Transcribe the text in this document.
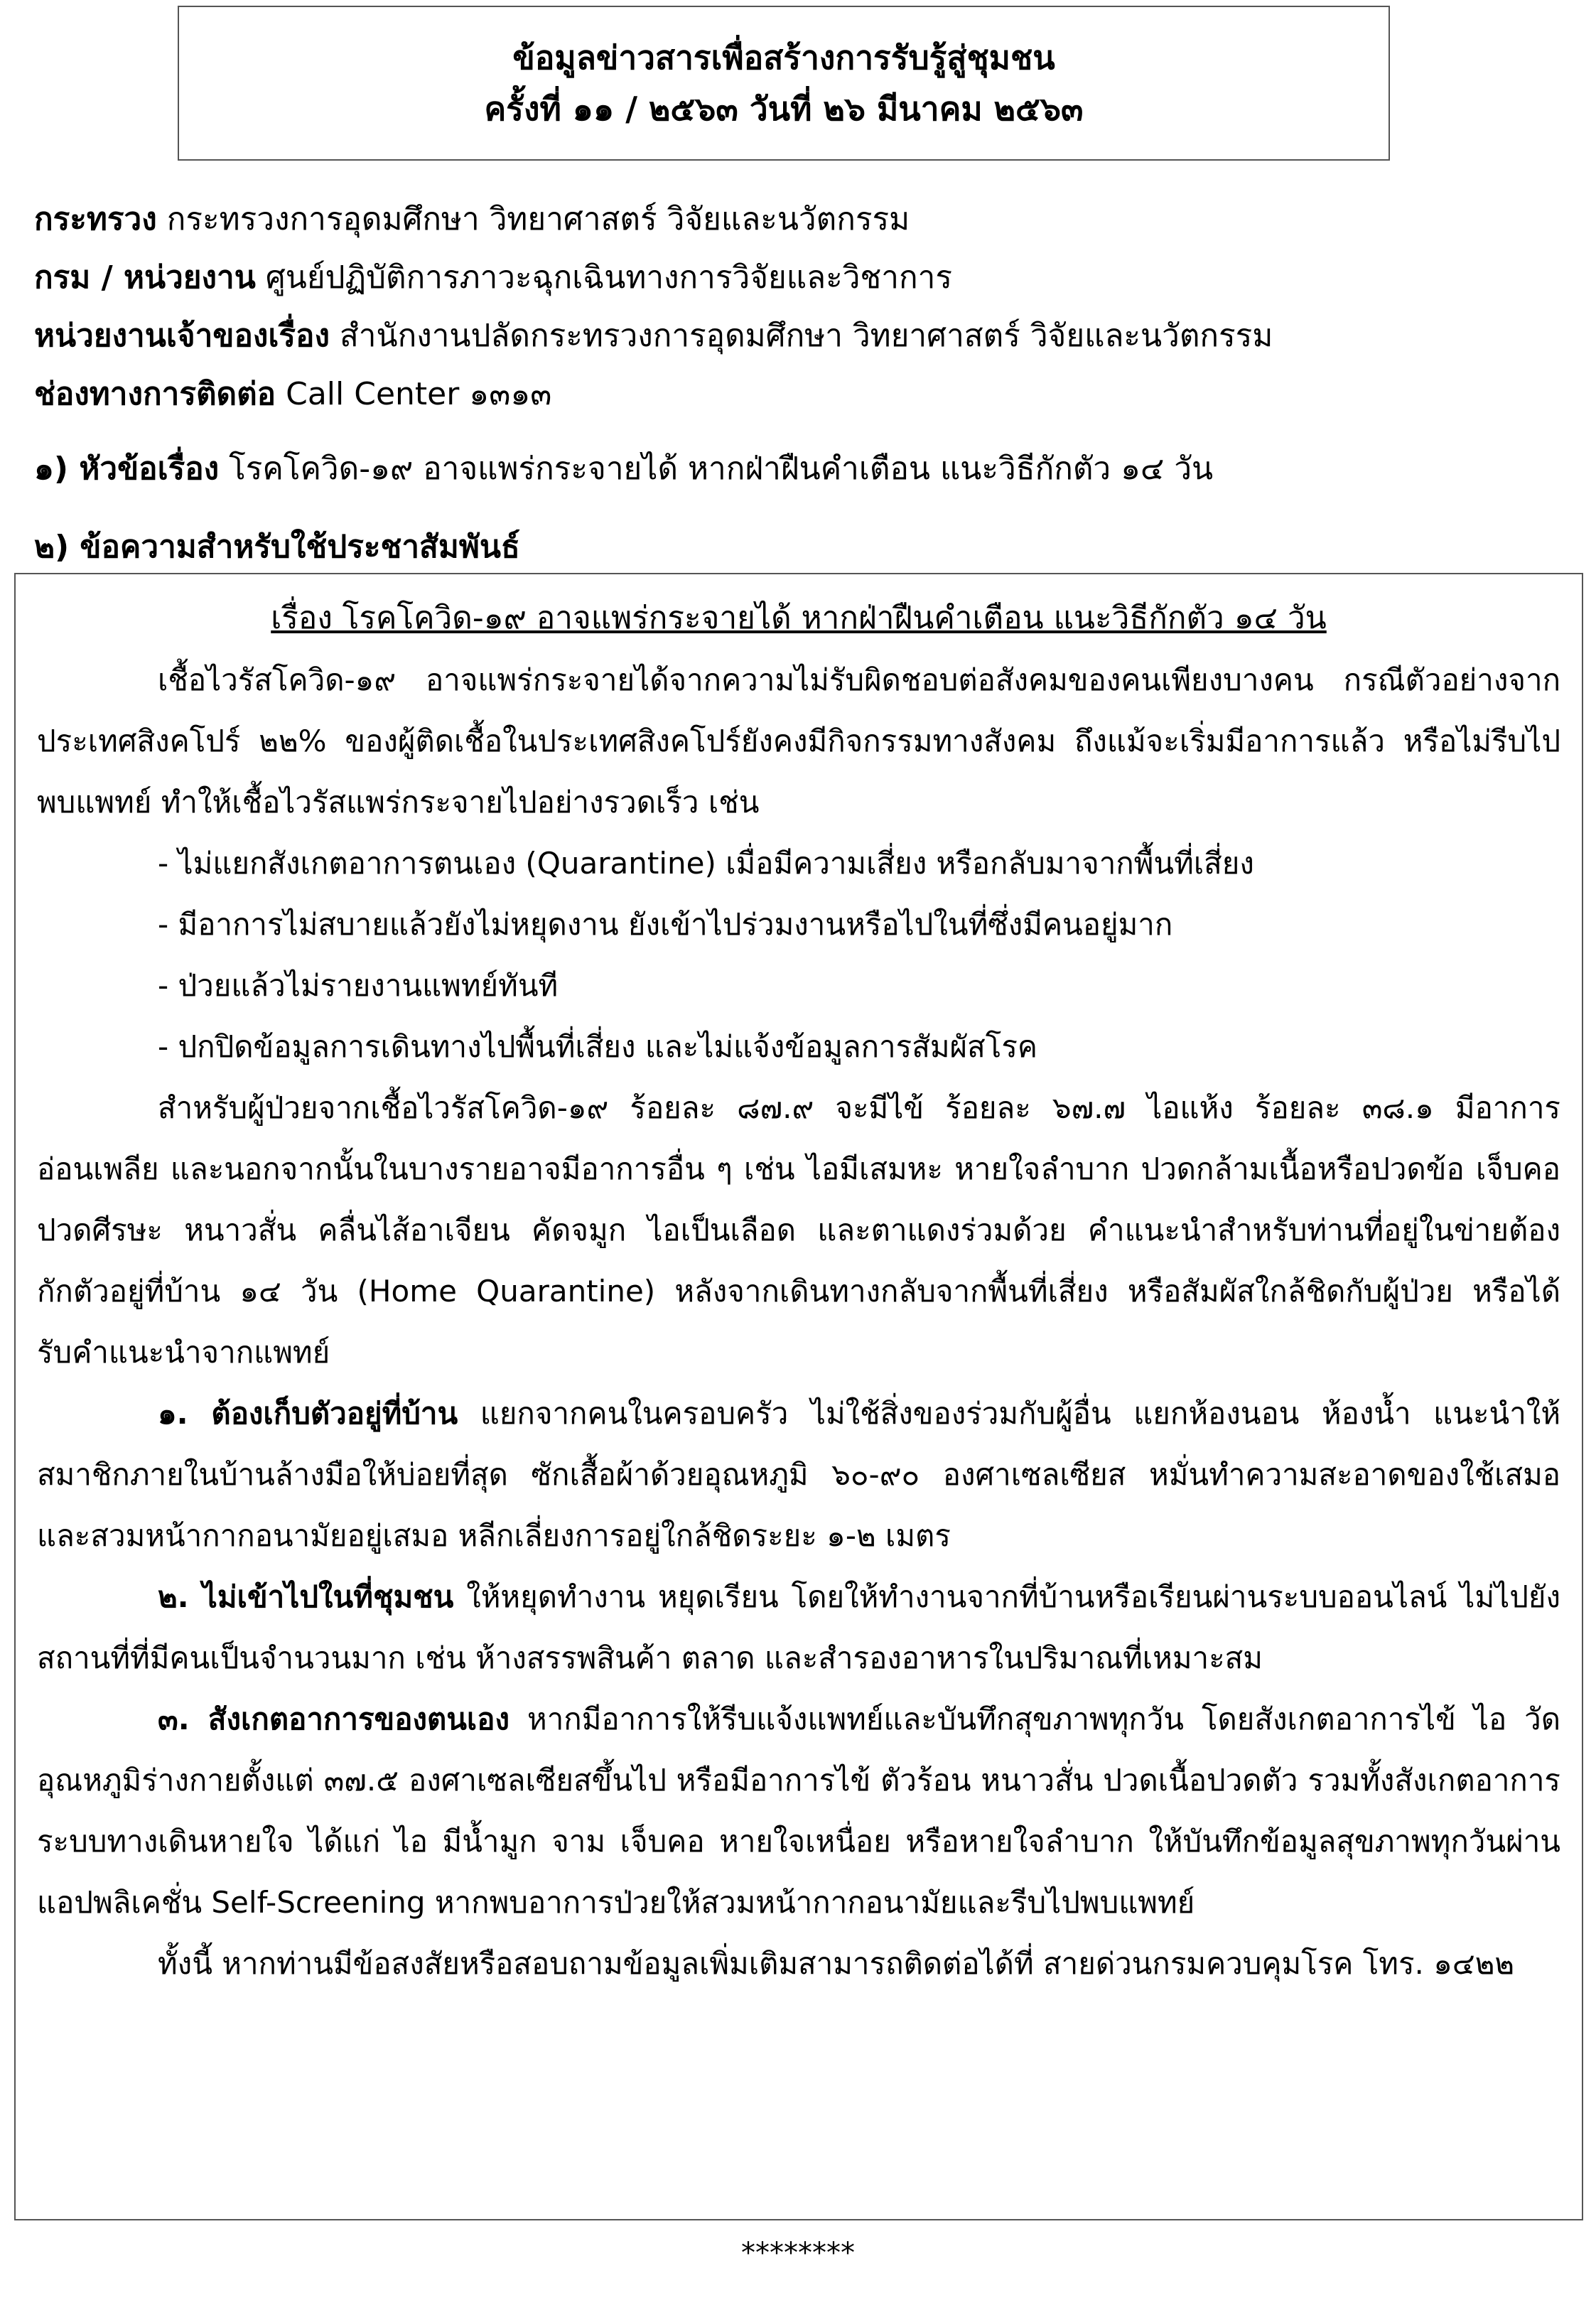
ข้อมูลข่าวสารเพื่อสร้างการรับรู้สู่ชุมชน
ครั้งที่ ๑๑ / ๒๕๖๓ วันที่ ๒๖ มีนาคม ๒๕๖๓
กระทรวง กระทรวงการอุดมศึกษา วิทยาศาสตร์ วิจัยและนวัตกรรม
กรม / หน่วยงาน ศูนย์ปฏิบัติการภาวะฉุกเฉินทางการวิจัยและวิชาการ
หน่วยงานเจ้าของเรื่อง สำนักงานปลัดกระทรวงการอุดมศึกษา วิทยาศาสตร์ วิจัยและนวัตกรรม
ช่องทางการติดต่อ Call Center ๑๓๑๓
๑) หัวข้อเรื่อง โรคโควิด-๑๙ อาจแพร่กระจายได้ หากฝ่าฝืนคำเตือน แนะวิธีกักตัว ๑๔ วัน
๒) ข้อความสำหรับใช้ประชาสัมพันธ์
เรื่อง โรคโควิด-๑๙ อาจแพร่กระจายได้ หากฝ่าฝืนคำเตือน แนะวิธีกักตัว ๑๔ วัน

เชื้อไวรัสโควิด-๑๙ อาจแพร่กระจายได้จากความไม่รับผิดชอบต่อสังคมของคนเพียงบางคน กรณีตัวอย่างจากประเทศสิงคโปร์ ๒๒% ของผู้ติดเชื้อในประเทศสิงคโปร์ยังคงมีกิจกรรมทางสังคม ถึงแม้จะเริ่มมีอาการแล้ว หรือไม่รีบไปพบแพทย์ ทำให้เชื้อไวรัสแพร่กระจายไปอย่างรวดเร็ว เช่น

- ไม่แยกสังเกตอาการตนเอง (Quarantine) เมื่อมีความเสี่ยง หรือกลับมาจากพื้นที่เสี่ยง
- มีอาการไม่สบายแล้วยังไม่หยุดงาน ยังเข้าไปร่วมงานหรือไปในที่ซึ่งมีคนอยู่มาก
- ป่วยแล้วไม่รายงานแพทย์ทันที
- ปกปิดข้อมูลการเดินทางไปพื้นที่เสี่ยง และไม่แจ้งข้อมูลการสัมผัสโรค

สำหรับผู้ป่วยจากเชื้อไวรัสโควิด-๑๙ ร้อยละ ๘๗.๙ จะมีไข้ ร้อยละ ๖๗.๗ ไอแห้ง ร้อยละ ๓๘.๑ มีอาการอ่อนเพลีย และนอกจากนั้นในบางรายอาจมีอาการอื่น ๆ เช่น ไอมีเสมหะ หายใจลำบาก ปวดกล้ามเนื้อหรือปวดข้อ เจ็บคอ ปวดศีรษะ หนาวสั่น คลื่นไส้อาเจียน คัดจมูก ไอเป็นเลือด และตาแดงร่วมด้วย คำแนะนำสำหรับท่านที่อยู่ในข่ายต้องกักตัวอยู่ที่บ้าน ๑๔ วัน (Home Quarantine) หลังจากเดินทางกลับจากพื้นที่เสี่ยง หรือสัมผัสใกล้ชิดกับผู้ป่วย หรือได้รับคำแนะนำจากแพทย์

๑. ต้องเก็บตัวอยู่ที่บ้าน แยกจากคนในครอบครัว ไม่ใช้สิ่งของร่วมกับผู้อื่น แยกห้องนอน ห้องน้ำ แนะนำให้สมาชิกภายในบ้านล้างมือให้บ่อยที่สุด ซักเสื้อผ้าด้วยอุณหภูมิ ๖๐-๙๐ องศาเซลเซียส หมั่นทำความสะอาดของใช้เสมอ และสวมหน้ากากอนามัยอยู่เสมอ หลีกเลี่ยงการอยู่ใกล้ชิดระยะ ๑-๒ เมตร

๒. ไม่เข้าไปในที่ชุมชน ให้หยุดทำงาน หยุดเรียน โดยให้ทำงานจากที่บ้านหรือเรียนผ่านระบบออนไลน์ ไม่ไปยังสถานที่ที่มีคนเป็นจำนวนมาก เช่น ห้างสรรพสินค้า ตลาด และสำรองอาหารในปริมาณที่เหมาะสม

๓. สังเกตอาการของตนเอง หากมีอาการให้รีบแจ้งแพทย์และบันทึกสุขภาพทุกวัน โดยสังเกตอาการไข้ ไอ วัดอุณหภูมิร่างกายตั้งแต่ ๓๗.๕ องศาเซลเซียสขึ้นไป หรือมีอาการไข้ ตัวร้อน หนาวสั่น ปวดเนื้อปวดตัว รวมทั้งสังเกตอาการระบบทางเดินหายใจ ได้แก่ ไอ มีน้ำมูก จาม เจ็บคอ หายใจเหนื่อย หรือหายใจลำบาก ให้บันทึกข้อมูลสุขภาพทุกวันผ่านแอปพลิเคชั่น Self-Screening หากพบอาการป่วยให้สวมหน้ากากอนามัยและรีบไปพบแพทย์

ทั้งนี้ หากท่านมีข้อสงสัยหรือสอบถามข้อมูลเพิ่มเติมสามารถติดต่อได้ที่ สายด่วนกรมควบคุมโรค โทร. ๑๔๒๒

********
